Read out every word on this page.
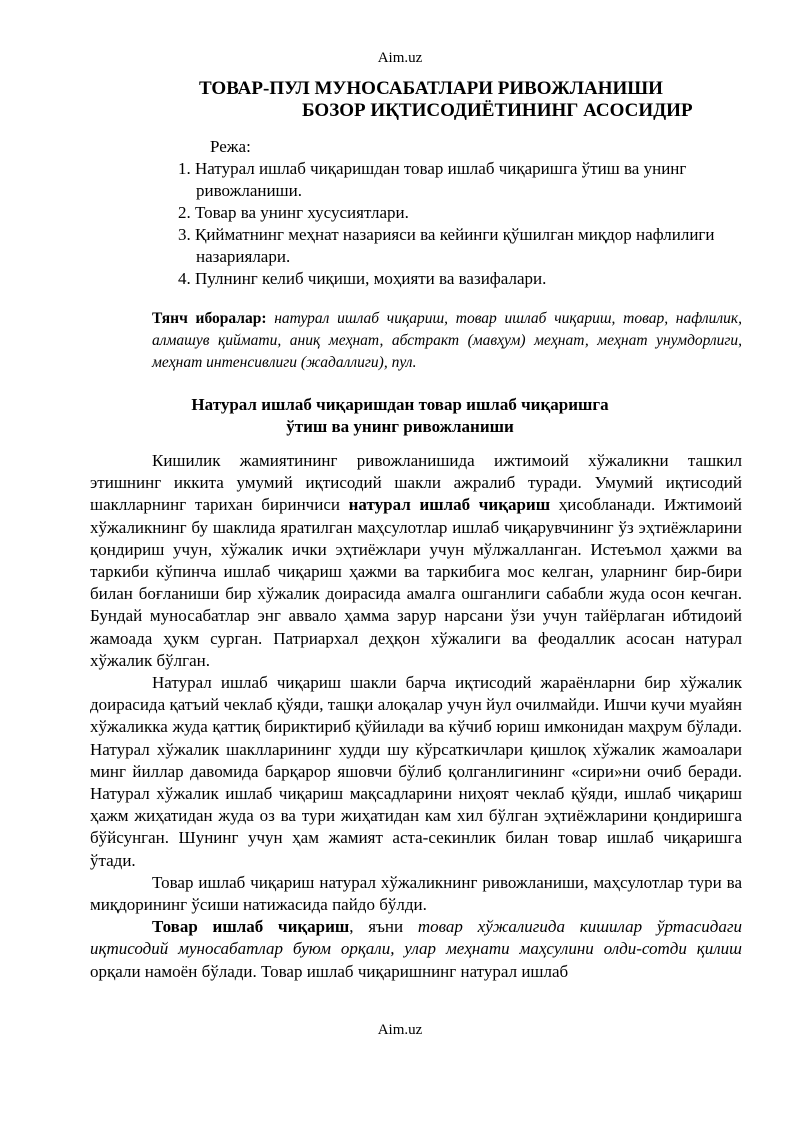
Aim.uz
ТОВАР-ПУЛ МУНОСАБАТЛАРИ РИВОЖЛАНИШИ
БОЗОР ИҚТИСОДИЁТИНИНГ АСОСИДИР
Режа:
1. Натурал ишлаб чиқаришдан товар ишлаб чиқаришга ўтиш ва унинг ривожланиши.
2. Товар ва унинг хусусиятлари.
3. Қийматнинг меҳнат назарияси ва кейинги қўшилган миқдор нафлилиги назариялари.
4. Пулнинг келиб чиқиши, моҳияти ва вазифалари.
Тянч иборалар: натурал ишлаб чиқариш, товар ишлаб чиқариш, товар, нафлилик, алмашув қиймати, аниқ меҳнат, абстракт (мавҳум) меҳнат, меҳнат унумдорлиги, меҳнат интенсивлиги (жадаллиги), пул.
Натурал ишлаб чиқаришдан товар ишлаб чиқаришга
ўтиш ва унинг ривожланиши

Кишилик жамиятининг ривожланишида ижтимоий хўжаликни ташкил этишнинг иккита умумий иқтисодий шакли ажралиб туради. Умумий иқтисодий шаклларнинг тарихан биринчиси натурал ишлаб чиқариш ҳисобланади. Ижтимоий хўжаликнинг бу шаклида яратилган маҳсулотлар ишлаб чиқарувчининг ўз эҳтиёжларини қондириш учун, хўжалик ички эҳтиёжлари учун мўлжалланган. Истеъмол ҳажми ва таркиби кўпинча ишлаб чиқариш ҳажми ва таркибига мос келган, уларнинг бир-бири билан боғланиши бир хўжалик доирасида амалга ошганлиги сабабли жуда осон кечган. Бундай муносабатлар энг аввало ҳамма зарур нарсани ўзи учун тайёрлаган ибтидоий жамоада ҳукм сурган. Патриархал деҳқон хўжалиги ва феодаллик асосан натурал хўжалик бўлган.

Натурал ишлаб чиқариш шакли барча иқтисодий жараёнларни бир хўжалик доирасида қатъий чеклаб қўяди, ташқи алоқалар учун йул очилмайди. Ишчи кучи муайян хўжаликка жуда қаттиқ бириктириб қўйилади ва кўчиб юриш имконидан маҳрум бўлади. Натурал хўжалик шаклларининг худди шу кўрсаткичлари қишлоқ хўжалик жамоалари минг йиллар давомида барқарор яшовчи бўлиб қолганлигининг «сири»ни очиб беради. Натурал хўжалик ишлаб чиқариш мақсадларини ниҳоят чеклаб қўяди, ишлаб чиқариш ҳажм жиҳатидан жуда оз ва тури жиҳатидан кам хил бўлган эҳтиёжларини қондиришга бўйсунган. Шунинг учун ҳам жамият аста-секинлик билан товар ишлаб чиқаришга ўтади.

Товар ишлаб чиқариш натурал хўжаликнинг ривожланиши, маҳсулотлар тури ва миқдорининг ўсиши натижасида пайдо бўлди.

Товар ишлаб чиқариш, яъни товар хўжалигида кишилар ўртасидаги иқтисодий муносабатлар буюм орқали, улар меҳнати маҳсулини олди-сотди қилиш орқали намоён бўлади. Товар ишлаб чиқаришнинг натурал ишлаб

Aim.uz
